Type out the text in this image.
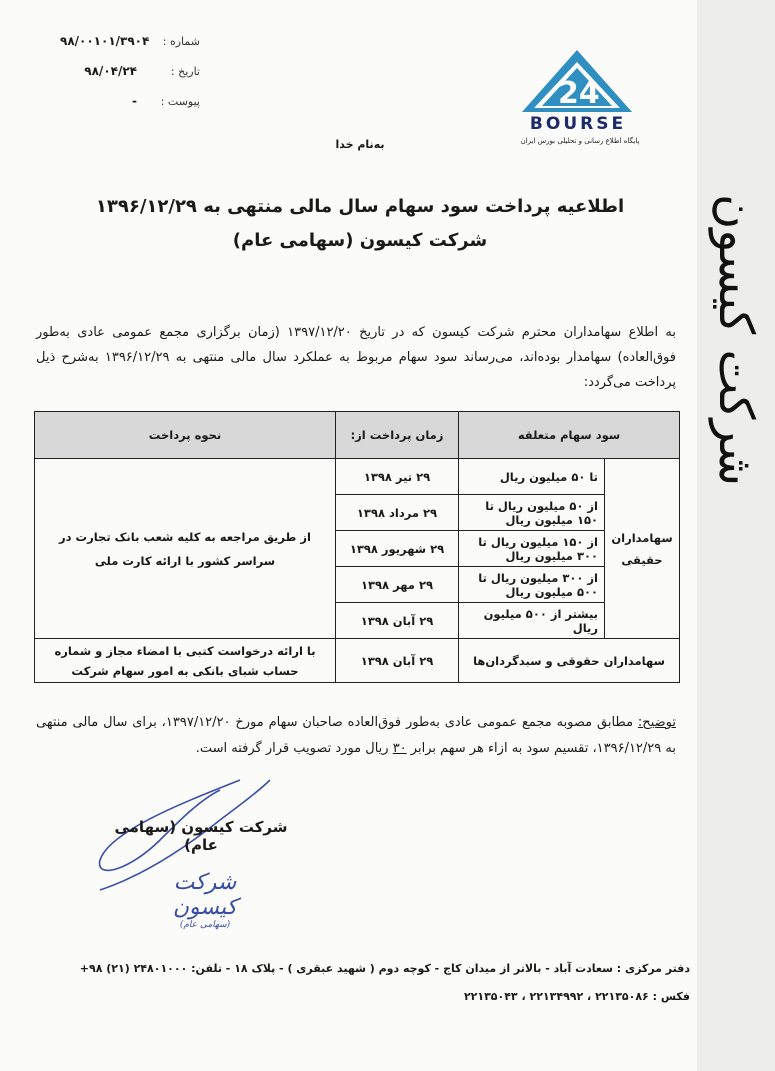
شرکت کیسون
شماره :
۹۸/۰۰۱۰۱/۳۹۰۴
تاریخ :
۹۸/۰۴/۲۴
پیوست :
-	24
BOURSE
پایگاه اطلاع رسانی و تحلیلی بورس ایران
به‌نام خدا
اطلاعیه پرداخت سود سهام سال مالی منتهی به ۱۳۹۶/۱۲/۲۹
شرکت کیسون (سهامی عام)
به اطلاع سهامداران محترم شرکت کیسون که در تاریخ ۱۳۹۷/۱۲/۲۰ (زمان برگزاری مجمع عمومی عادی به‌طور فوق‌العاده) سهامدار بوده‌اند، می‌رساند سود سهام مربوط به عملکرد سال مالی منتهی به ۱۳۹۶/۱۲/۲۹ به‌شرح ذیل پرداخت می‌گردد:
سود سهام متعلقه		زمان پرداخت از:	نحوه پرداخت
سهامداران حقیقی	تا ۵۰ میلیون ریال	۲۹ تیر ۱۳۹۸	از طریق مراجعه به کلیه شعب بانک تجارت در سراسر کشور با ارائه کارت ملی
	از ۵۰ میلیون ریال تا ۱۵۰ میلیون ریال	۲۹ مرداد ۱۳۹۸	
	از ۱۵۰ میلیون ریال تا ۳۰۰ میلیون ریال	۲۹ شهریور ۱۳۹۸	
	از ۳۰۰ میلیون ریال تا ۵۰۰ میلیون ریال	۲۹ مهر ۱۳۹۸	
	بیشتر از ۵۰۰ میلیون ریال	۲۹ آبان ۱۳۹۸	
سهامداران حقوقی و سبدگردان‌ها		۲۹ آبان ۱۳۹۸	با ارائه درخواست کتبی با امضاء مجاز و شماره حساب شبای بانکی به امور سهام شرکت
توضیح: مطابق مصوبه مجمع عمومی عادی به‌طور فوق‌العاده صاحبان سهام مورخ ۱۳۹۷/۱۲/۲۰، برای سال مالی منتهی به ۱۳۹۶/۱۲/۲۹، تقسیم سود به ازاء هر سهم برابر ۳۰ ریال مورد تصویب قرار گرفته است.
شرکت کیسون (سهامی عام)
شرکت کیسون
(سهامی عام)
دفتر مرکزی : سعادت آباد - بالاتر از میدان کاج - کوچه دوم ( شهید عبقری ) - پلاک ۱۸ - تلفن: ۲۴۸۰۱۰۰۰ (۲۱) ۹۸+
فکس : ۲۲۱۳۵۰۸۶ ، ۲۲۱۳۴۹۹۲ ، ۲۲۱۳۵۰۴۳
